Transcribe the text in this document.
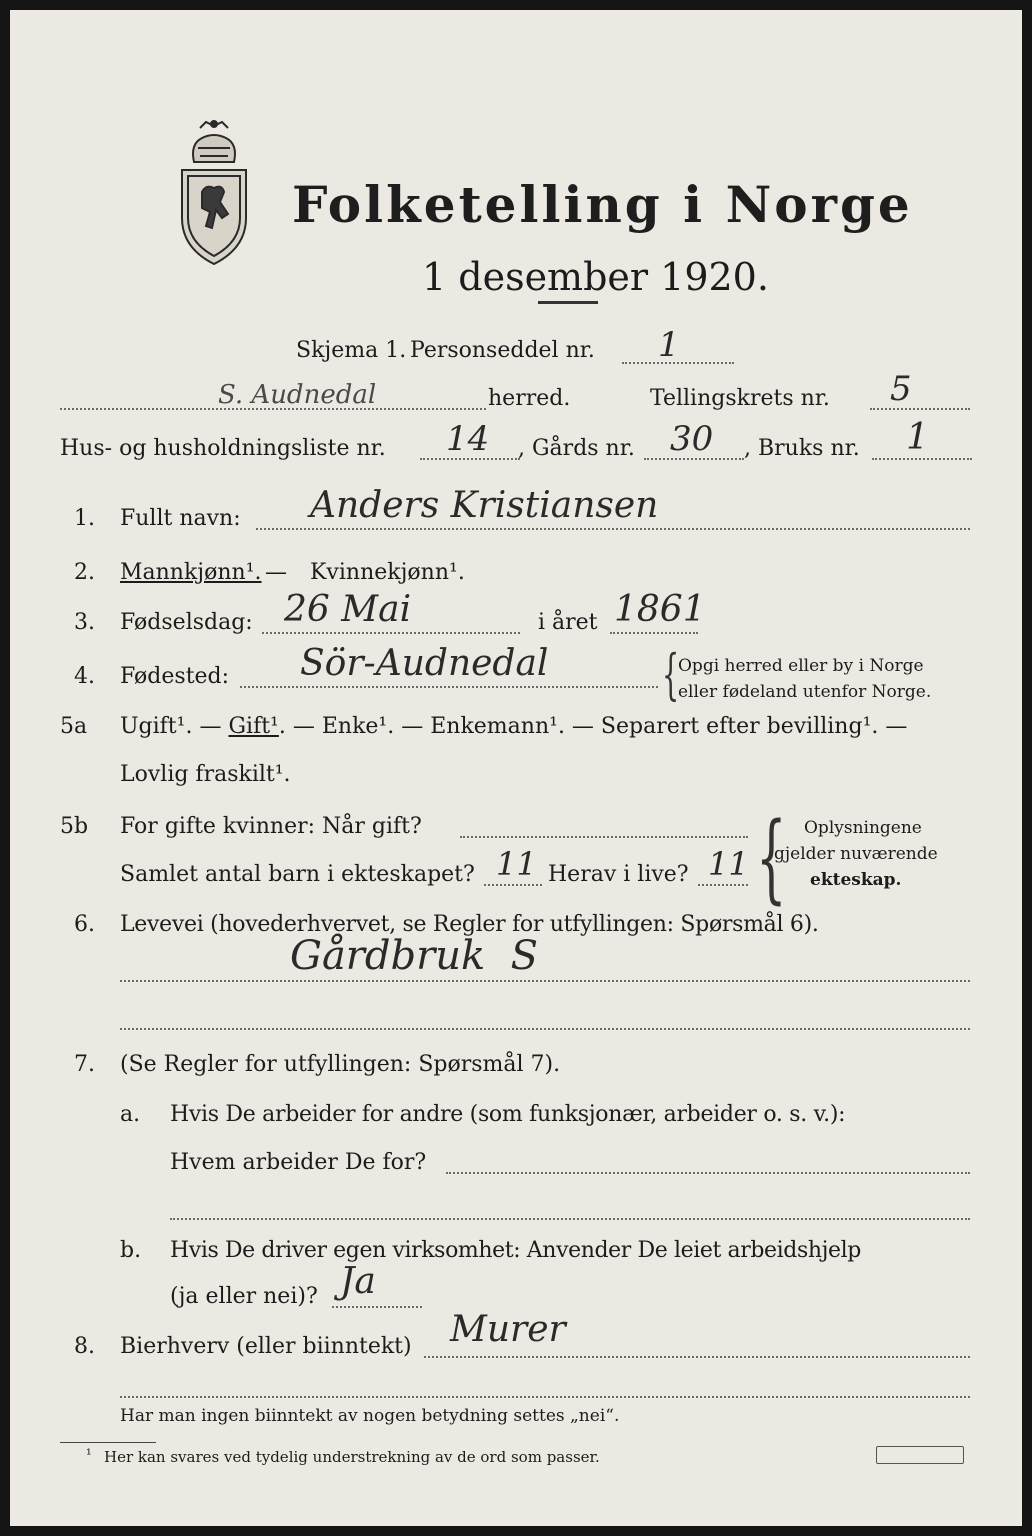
Folketelling i Norge
1 desember 1920.
Skjema 1. Personseddel nr. 1
S. Audnedal	herred.	Tellingskrets nr. 5
Hus- og husholdningsliste nr. 14 , Gårds nr. 30 , Bruks nr. 1
1. Fullt navn: Anders Kristiansen
2. Mannkjønn¹.
— Kvinnekjønn¹.
3. Fødselsdag: 26 Mai	i året 1861
4. Fødested: Sör-Audnedal {
Opgi herred eller by i Norge
eller fødeland utenfor Norge.
5a Ugift¹. — Gift¹. — Enke¹. — Enkemann¹. — Separert efter bevilling¹. —
Lovlig fraskilt¹.
5b For gifte kvinner: Når gift?
Samlet antal barn i ekteskapet? 11 Herav i live? 11 { Oplysningene
gjelder nuværende
ekteskap.
6. Levevei (hovederhvervet, se Regler for utfyllingen: Spørsmål 6).
Gårdbruk  S
7. (Se Regler for utfyllingen: Spørsmål 7).
a. Hvis De arbeider for andre (som funksjonær, arbeider o. s. v.):
Hvem arbeider De for?
b. Hvis De driver egen virksomhet: Anvender De leiet arbeidshjelp
(ja eller nei)? Ja
8. Bierhverv (eller biinntekt) Murer
Har man ingen biinntekt av nogen betydning settes „nei“.
¹ Her kan svares ved tydelig understrekning av de ord som passer.
